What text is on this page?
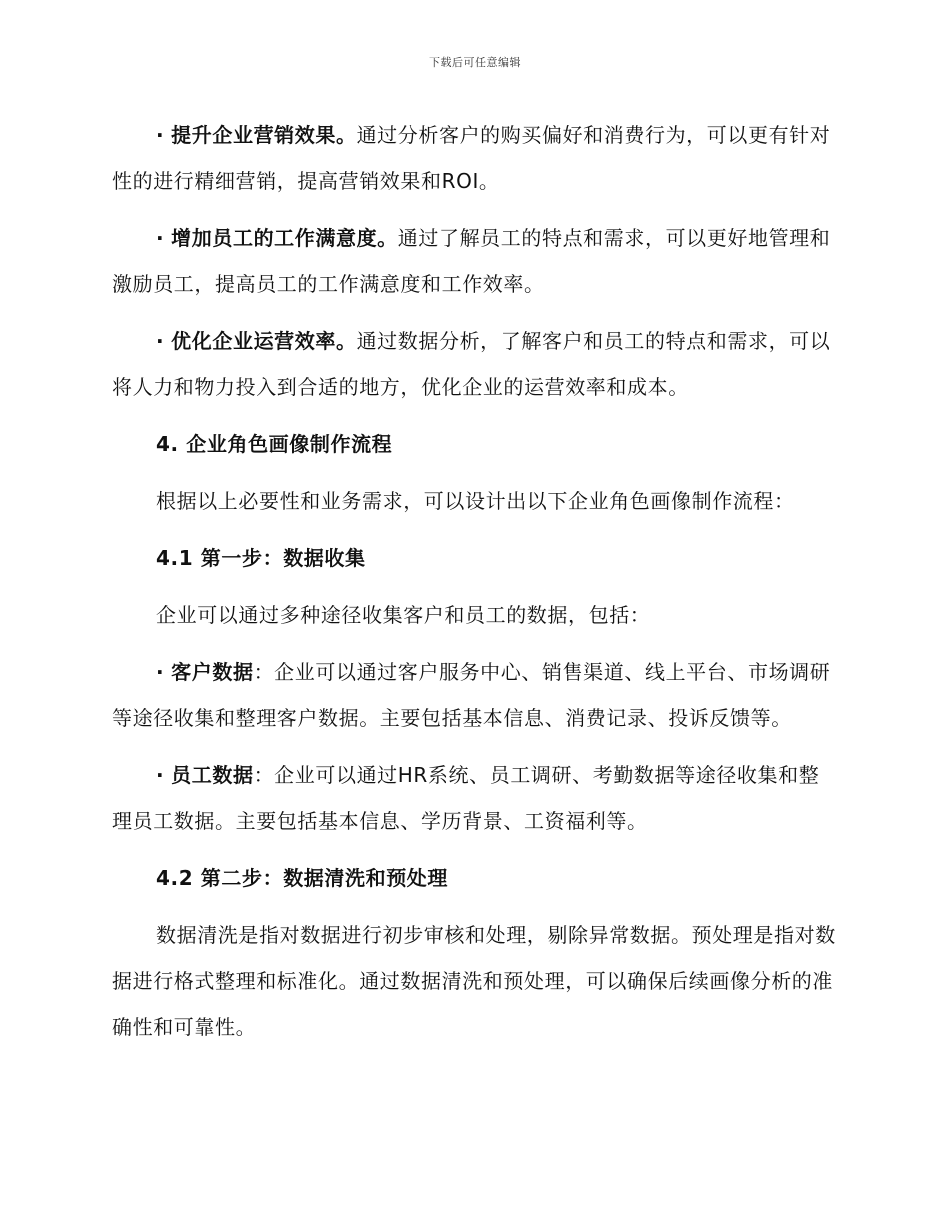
下载后可任意编辑

· 提升企业营销效果。通过分析客户的购买偏好和消费行为，可以更有针对性的进行精细营销，提高营销效果和ROI。

· 增加员工的工作满意度。通过了解员工的特点和需求，可以更好地管理和激励员工，提高员工的工作满意度和工作效率。

· 优化企业运营效率。通过数据分析，了解客户和员工的特点和需求，可以将人力和物力投入到合适的地方，优化企业的运营效率和成本。

4. 企业角色画像制作流程

根据以上必要性和业务需求，可以设计出以下企业角色画像制作流程：

4.1 第一步：数据收集

企业可以通过多种途径收集客户和员工的数据，包括：

· 客户数据：企业可以通过客户服务中心、销售渠道、线上平台、市场调研等途径收集和整理客户数据。主要包括基本信息、消费记录、投诉反馈等。

· 员工数据：企业可以通过HR系统、员工调研、考勤数据等途径收集和整理员工数据。主要包括基本信息、学历背景、工资福利等。

4.2 第二步：数据清洗和预处理

数据清洗是指对数据进行初步审核和处理，剔除异常数据。预处理是指对数据进行格式整理和标准化。通过数据清洗和预处理，可以确保后续画像分析的准确性和可靠性。
